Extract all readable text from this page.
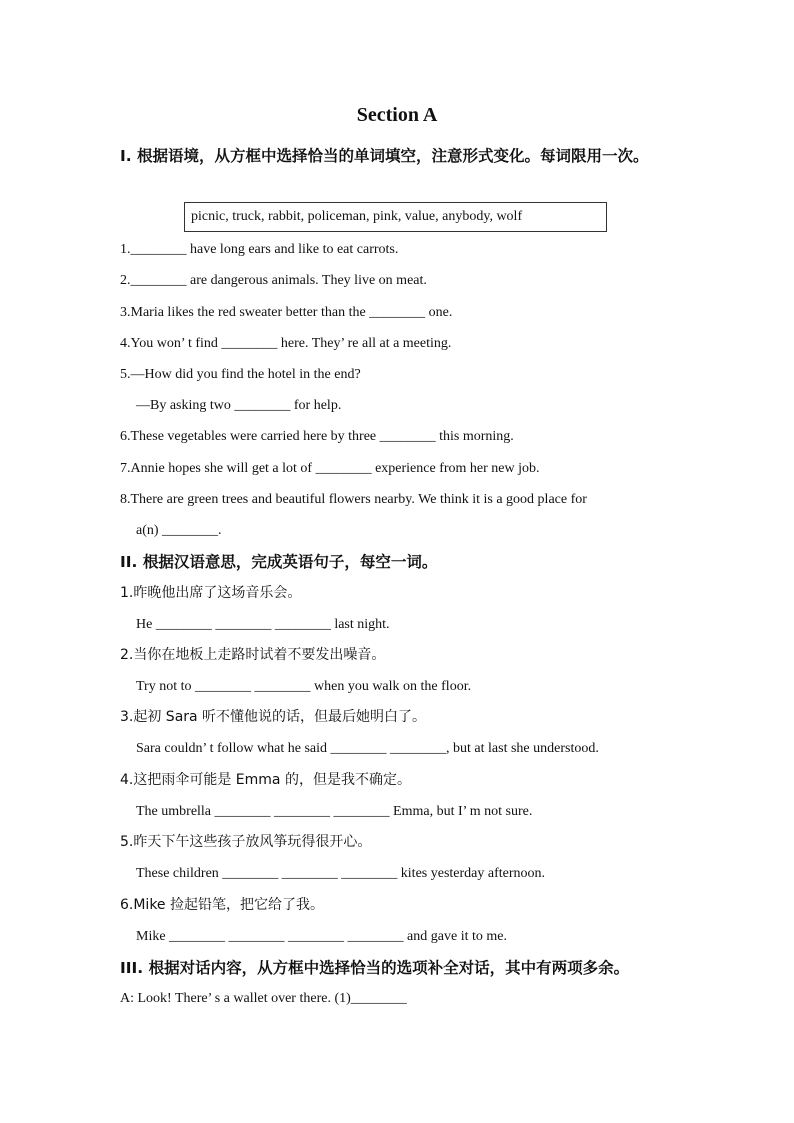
Section A
Ⅰ. 根据语境，从方框中选择恰当的单词填空，注意形式变化。每词限用一次。
picnic, truck, rabbit, policeman, pink, value, anybody, wolf
1.________ have long ears and like to eat carrots.
2.________ are dangerous animals. They live on meat.
3.Maria likes the red sweater better than the ________ one.
4.You won’ t find ________ here. They’ re all at a meeting.
5.—How did you find the hotel in the end?
—By asking two ________ for help.
6.These vegetables were carried here by three ________ this morning.
7.Annie hopes she will get a lot of ________ experience from her new job.
8.There are green trees and beautiful flowers nearby. We think it is a good place for
a(n) ________.
II. 根据汉语意思，完成英语句子，每空一词。
1.昨晚他出席了这场音乐会。
He ________ ________ ________ last night.
2.当你在地板上走路时试着不要发出噪音。
Try not to ________ ________ when you walk on the floor.
3.起初 Sara 听不懂他说的话，但最后她明白了。
Sara couldn’ t follow what he said ________ ________, but at last she understood.
4.这把雨伞可能是 Emma 的，但是我不确定。
The umbrella ________ ________ ________ Emma, but I’ m not sure.
5.昨天下午这些孩子放风筝玩得很开心。
These children ________ ________ ________ kites yesterday afternoon.
6.Mike 捡起铅笔，把它给了我。
Mike ________ ________ ________ ________ and gave it to me.
III. 根据对话内容，从方框中选择恰当的选项补全对话，其中有两项多余。
A: Look! There’ s a wallet over there. (1)________
